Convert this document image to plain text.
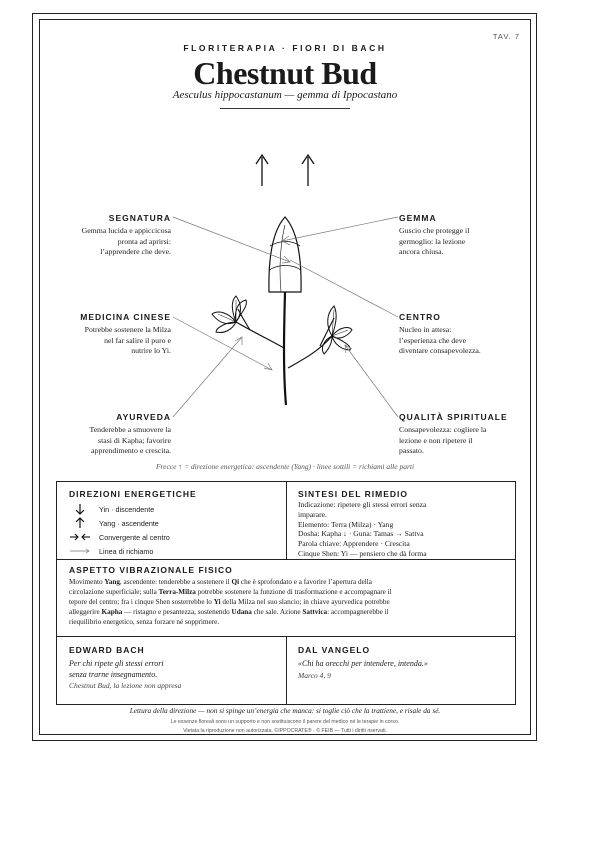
TAV. 7
FLORITERAPIA · FIORI DI BACH
Chestnut Bud
Aesculus hippocastanum — gemma di Ippocastano
SEGNATURA
Gemma lucida e appiccicosa
pronta ad aprirsi:
l’apprendere che deve.
GEMMA
Guscio che protegge il
germoglio: la lezione
ancora chiusa.
MEDICINA CINESE
Potrebbe sostenere la Milza
nel far salire il puro e
nutrire lo Yi.
CENTRO
Nucleo in attesa:
l’esperienza che deve
diventare consapevolezza.
AYURVEDA
Tenderebbe a smuovere la
stasi di Kapha; favorire
apprendimento e crescita.
QUALITÀ SPIRITUALE
Consapevolezza: cogliere la
lezione e non ripetere il
passato.
Frecce ↑ = direzione energetica: ascendente (Yang) · linee sottili = richiami alle parti
DIREZIONI ENERGETICHE
Yin · discendente
Yang · ascendente
Convergente al centro
Linea di richiamo
SINTESI DEL RIMEDIO
Indicazione: ripetere gli stessi errori senza
imparare.
Elemento: Terra (Milza) · Yang
Dosha: Kapha ↓ · Guna: Tamas → Sattva
Parola chiave: Apprendere · Crescita
Cinque Shen: Yi — pensiero che dà forma
ASPETTO VIBRAZIONALE FISICO
Movimento Yang, ascendente: tenderebbe a sostenere il Qi che è sprofondato e a favorire l’apertura della circolazione superficiale; sulla Terra-Milza potrebbe sostenere la funzione di trasformazione e accompagnare il tepore del centro; fra i cinque Shen sosterrebbe lo Yi della Milza nel suo slancio; in chiave ayurvedica potrebbe alleggerire Kapha — ristagno e pesantezza, sostenendo Udana che sale. Azione Sattvica: accompagnerebbe il riequilibrio energetico, senza forzare né sopprimere.
EDWARD BACH
Per chi ripete gli stessi errori
senza trarne insegnamento.
Chestnut Bud, la lezione non appresa
DAL VANGELO
«Chi ha orecchi per intendere, intenda.»
Marco 4, 9
Lettura della direzione — non si spinge un’energia che manca: si toglie ciò che la trattiene, e risale da sé.
Le essenze floreali sono un supporto e non sostituiscono il parere del medico né le terapie in corso.
Vietata la riproduzione non autorizzata. ©IPPOCRATE® · © FEIB — Tutti i diritti riservati.
